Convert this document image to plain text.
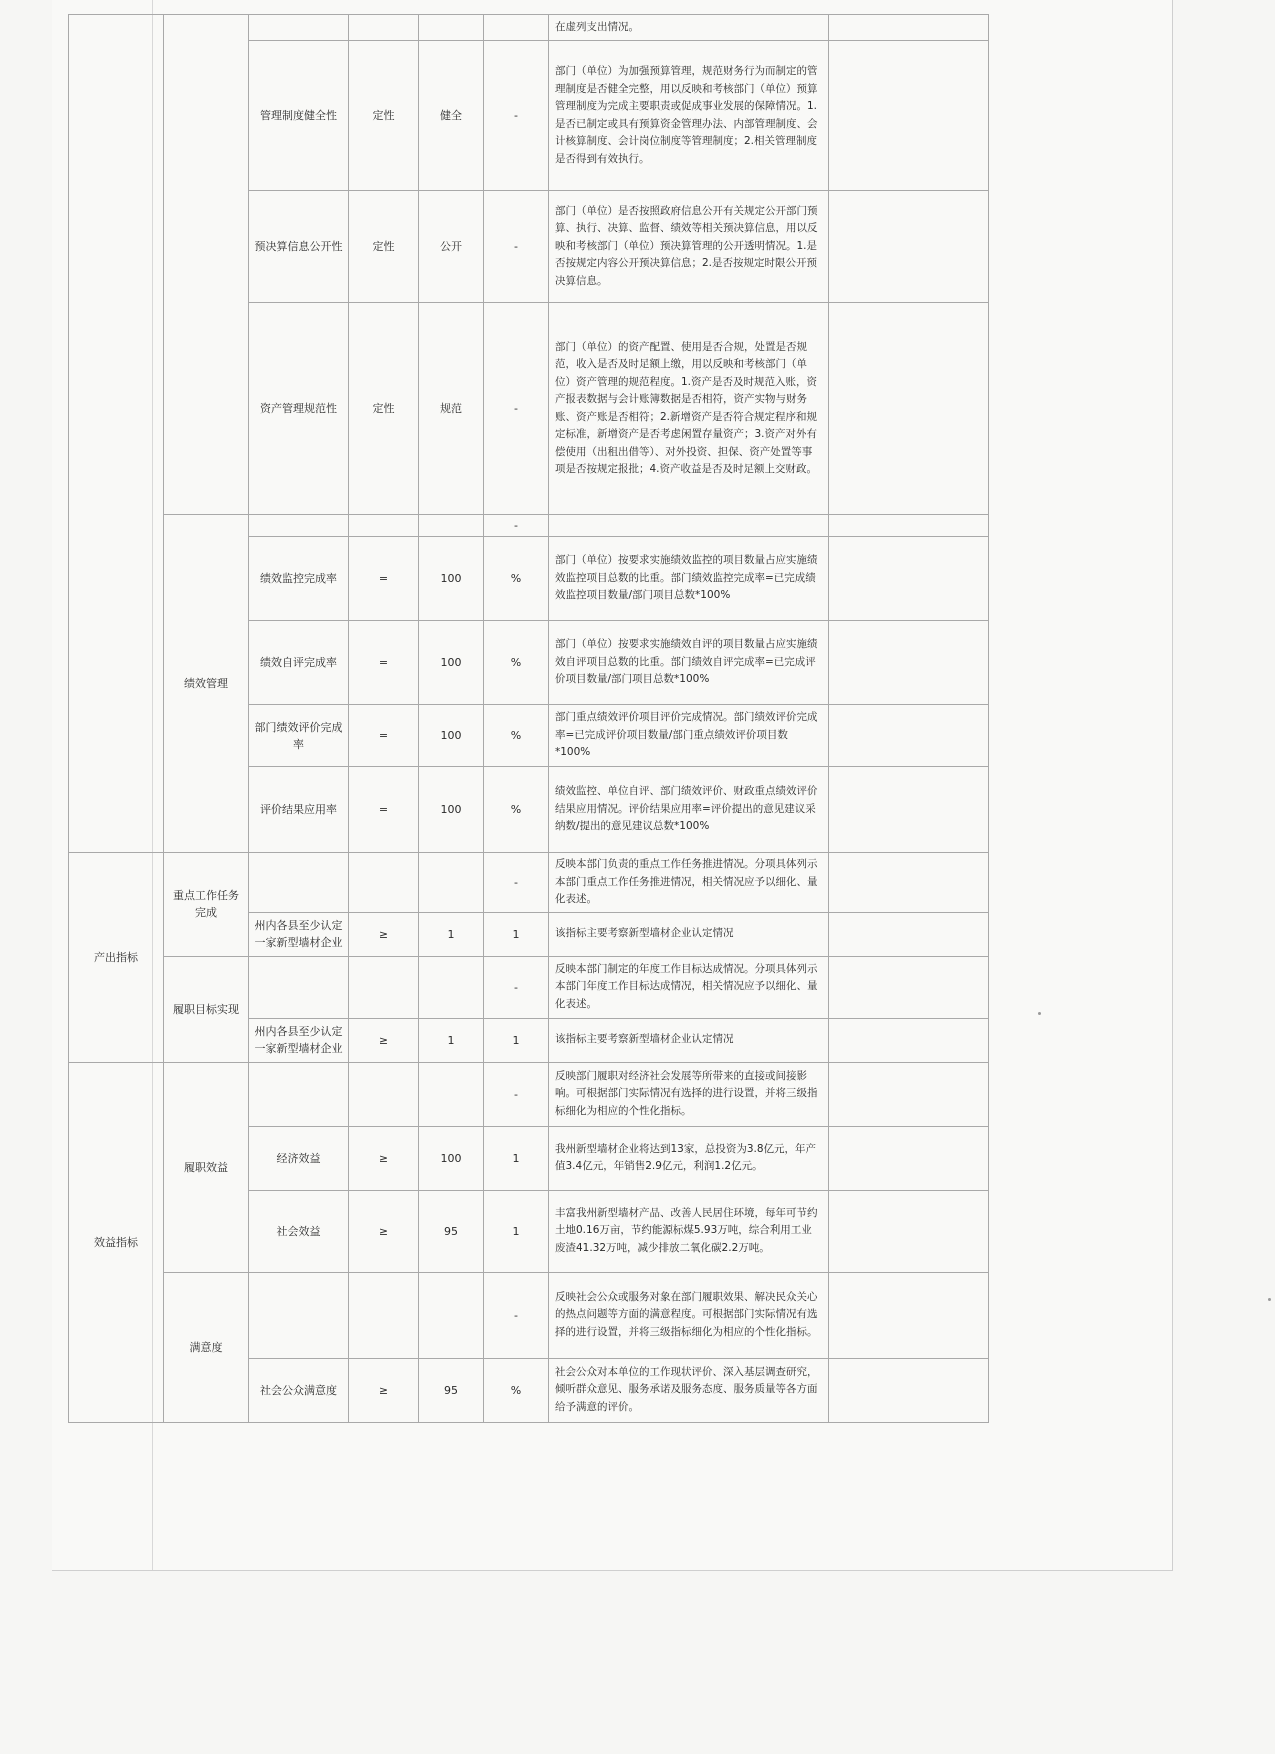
						在虚列支出情况。	
		管理制度健全性	定性	健全	-	部门（单位）为加强预算管理，规范财务行为而制定的管理制度是否健全完整，用以反映和考核部门（单位）预算管理制度为完成主要职责或促成事业发展的保障情况。1.是否已制定或具有预算资金管理办法、内部管理制度、会计核算制度、会计岗位制度等管理制度；2.相关管理制度是否得到有效执行。	
		预决算信息公开性	定性	公开	-	部门（单位）是否按照政府信息公开有关规定公开部门预算、执行、决算、监督、绩效等相关预决算信息，用以反映和考核部门（单位）预决算管理的公开透明情况。1.是否按规定内容公开预决算信息；2.是否按规定时限公开预决算信息。	
		资产管理规范性	定性	规范	-	部门（单位）的资产配置、使用是否合规，处置是否规范，收入是否及时足额上缴，用以反映和考核部门（单位）资产管理的规范程度。1.资产是否及时规范入账，资产报表数据与会计账簿数据是否相符，资产实物与财务账、资产账是否相符；2.新增资产是否符合规定程序和规定标准，新增资产是否考虑闲置存量资产；3.资产对外有偿使用（出租出借等）、对外投资、担保、资产处置等事项是否按规定报批；4.资产收益是否及时足额上交财政。	
	绩效管理				-		
		绩效监控完成率	=	100	%	部门（单位）按要求实施绩效监控的项目数量占应实施绩效监控项目总数的比重。部门绩效监控完成率=已完成绩效监控项目数量/部门项目总数*100%	
		绩效自评完成率	=	100	%	部门（单位）按要求实施绩效自评的项目数量占应实施绩效自评项目总数的比重。部门绩效自评完成率=已完成评价项目数量/部门项目总数*100%	
		部门绩效评价完成率	=	100	%	部门重点绩效评价项目评价完成情况。部门绩效评价完成率=已完成评价项目数量/部门重点绩效评价项目数*100%	
		评价结果应用率	=	100	%	绩效监控、单位自评、部门绩效评价、财政重点绩效评价结果应用情况。评价结果应用率=评价提出的意见建议采纳数/提出的意见建议总数*100%	
产出指标	重点工作任务完成				-	反映本部门负责的重点工作任务推进情况。分项具体列示本部门重点工作任务推进情况，相关情况应予以细化、量化表述。	
		州内各县至少认定一家新型墙材企业	≥	1	1	该指标主要考察新型墙材企业认定情况	
	履职目标实现				-	反映本部门制定的年度工作目标达成情况。分项具体列示本部门年度工作目标达成情况，相关情况应予以细化、量化表述。	
		州内各县至少认定一家新型墙材企业	≥	1	1	该指标主要考察新型墙材企业认定情况	
效益指标	履职效益				-	反映部门履职对经济社会发展等所带来的直接或间接影响。可根据部门实际情况有选择的进行设置，并将三级指标细化为相应的个性化指标。	
		经济效益	≥	100	1	我州新型墙材企业将达到13家，总投资为3.8亿元，年产值3.4亿元，年销售2.9亿元，利润1.2亿元。	
		社会效益	≥	95	1	丰富我州新型墙材产品、改善人民居住环境，每年可节约土地0.16万亩，节约能源标煤5.93万吨，综合利用工业废渣41.32万吨，减少排放二氧化碳2.2万吨。	
	满意度				-	反映社会公众或服务对象在部门履职效果、解决民众关心的热点问题等方面的满意程度。可根据部门实际情况有选择的进行设置，并将三级指标细化为相应的个性化指标。	
		社会公众满意度	≥	95	%	社会公众对本单位的工作现状评价、深入基层调查研究，倾听群众意见、服务承诺及服务态度、服务质量等各方面给予满意的评价。	
